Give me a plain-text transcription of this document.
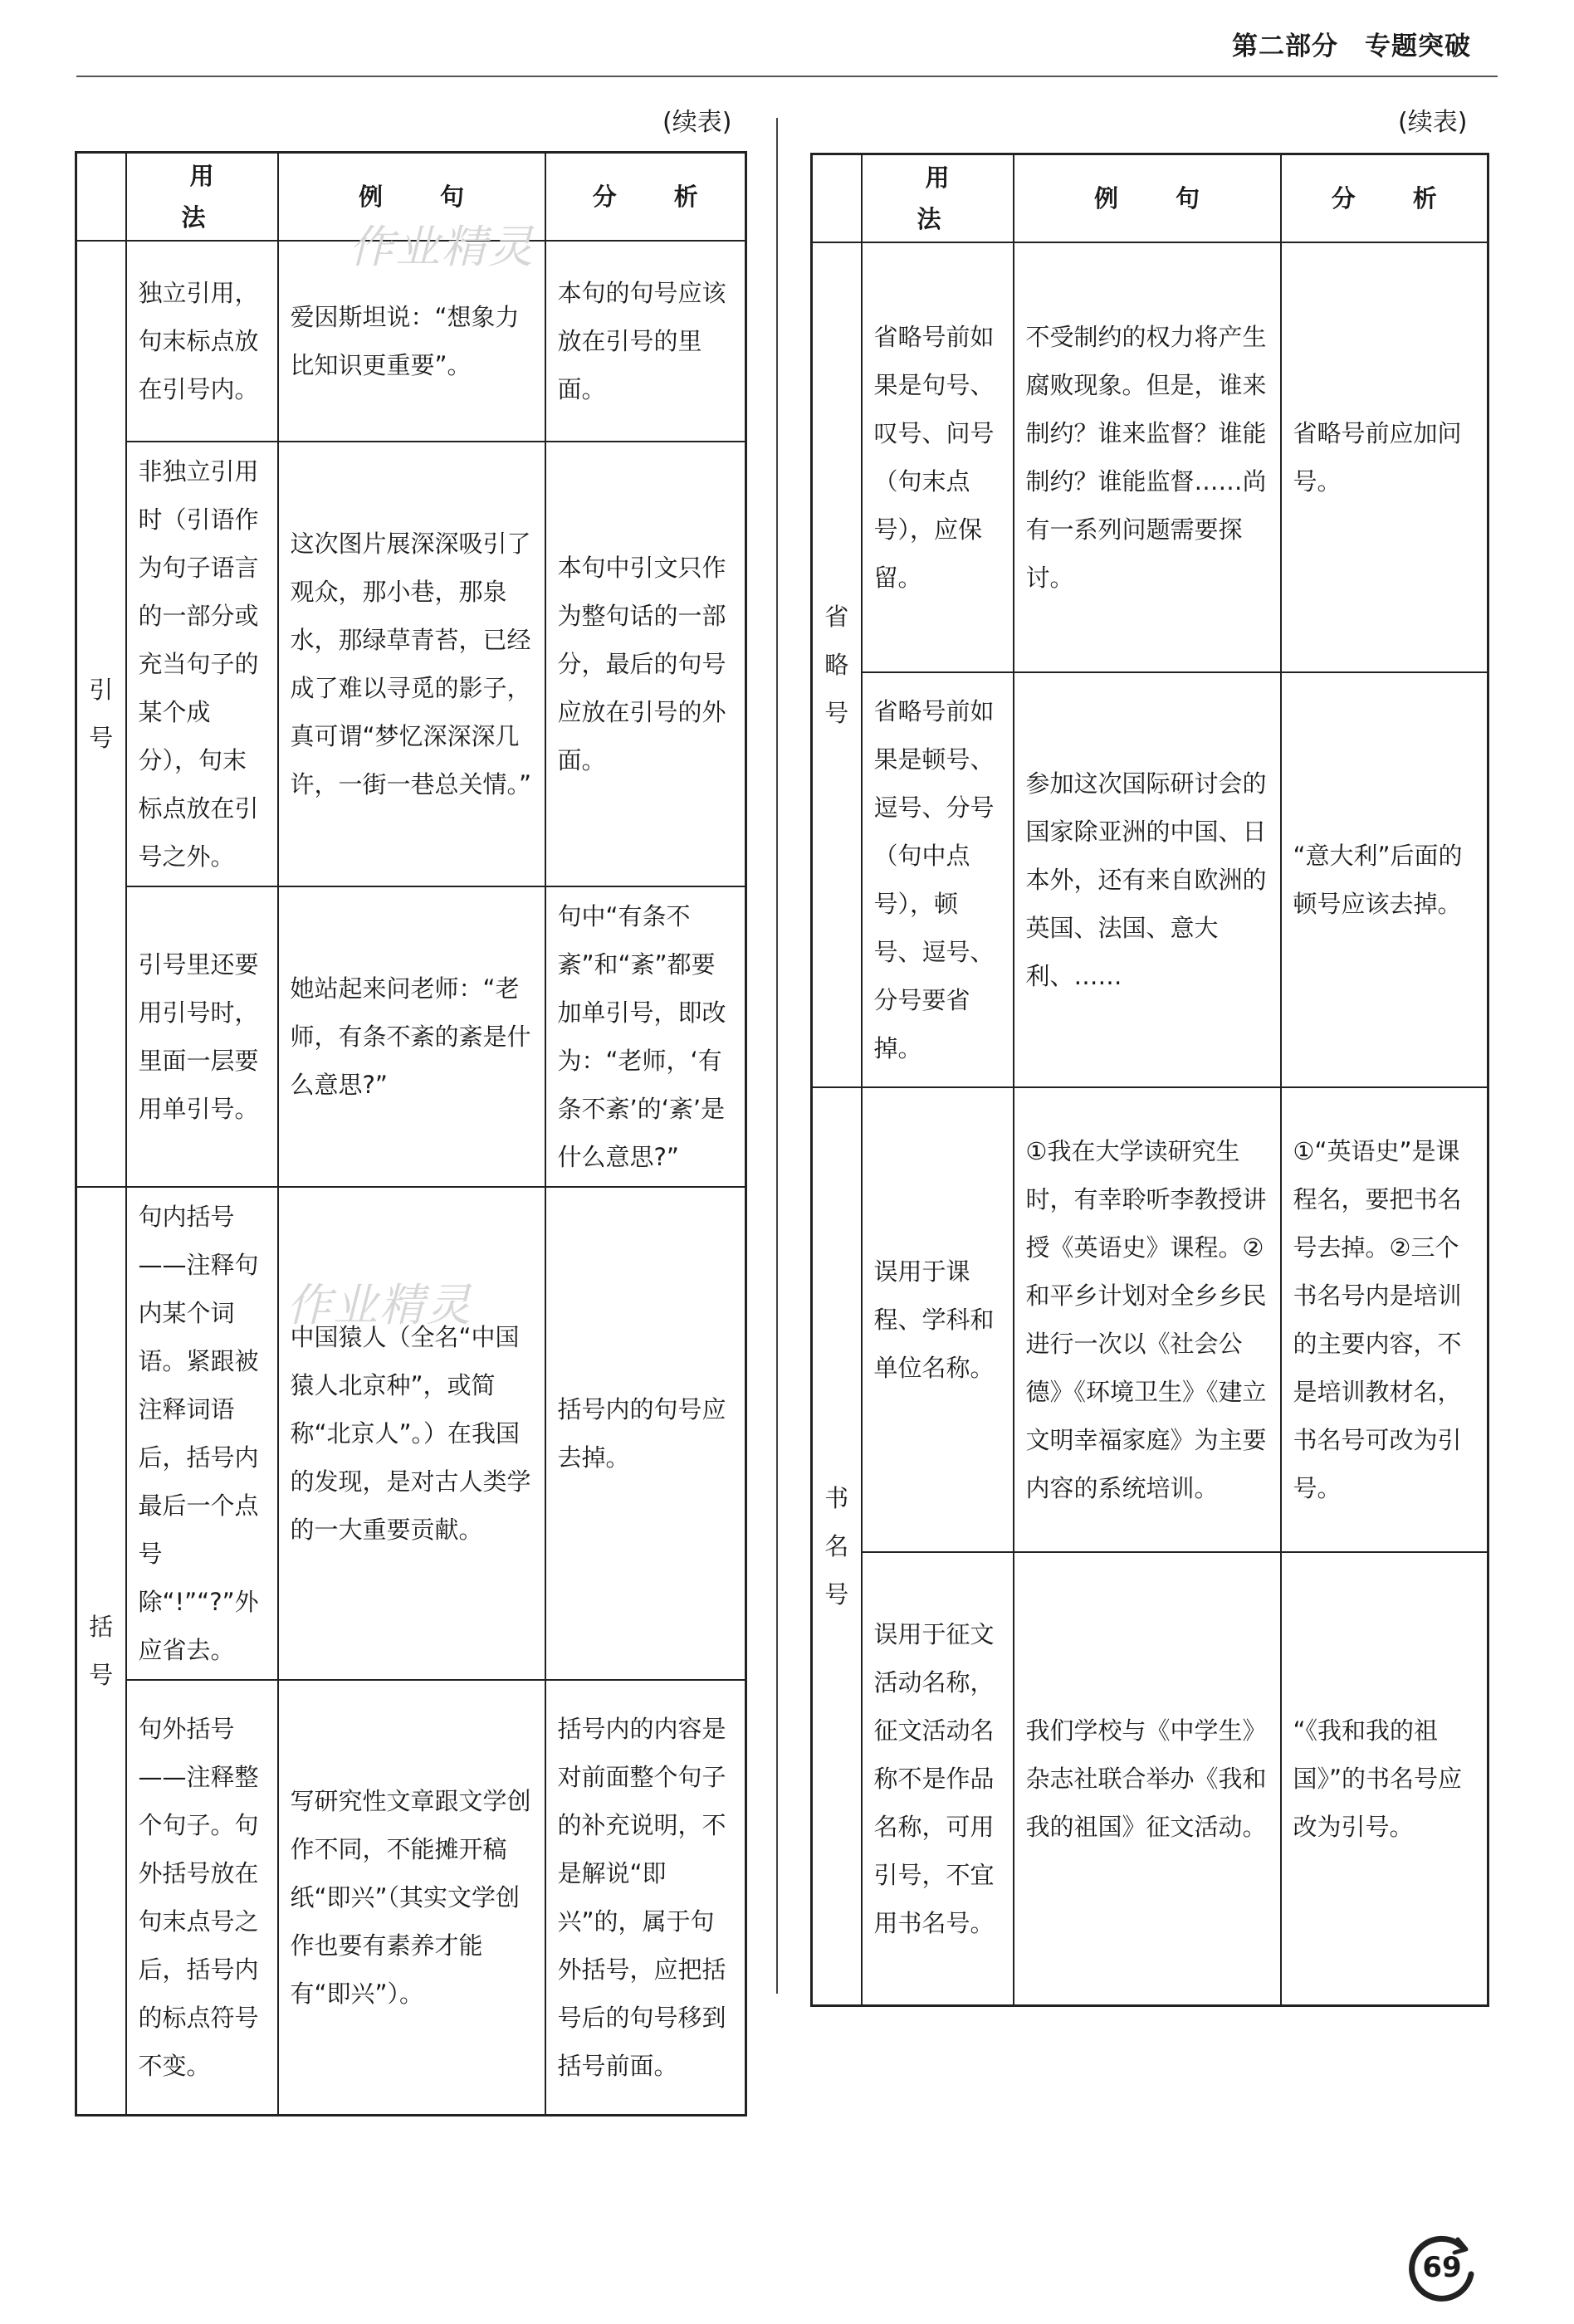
第二部分　专题突破
(续表)	(续表)
	用　法	例　句	分　析

引
号	独立引用，句末标点放在引号内。	爱因斯坦说：“想象力比知识更重要”。	本句的句号应该放在引号的里面。
	非独立引用时（引语作为句子语言的一部分或充当句子的某个成分），句末标点放在引号之外。	这次图片展深深吸引了观众，那小巷，那泉水，那绿草青苔，已经成了难以寻觅的影子，真可谓“梦忆深深深几许，一街一巷总关情。”	本句中引文只作为整句话的一部分，最后的句号应放在引号的外面。
	引号里还要用引号时，里面一层要用单引号。	她站起来问老师：“老师，有条不紊的紊是什么意思?”	句中“有条不紊”和“紊”都要加单引号，即改为：“老师，‘有条不紊’的‘紊’是什么意思?”

括
号	句内括号——注释句内某个词语。紧跟被注释词语后，括号内最后一个点号除“!”“?”外应省去。	中国猿人（全名“中国猿人北京种”，或简称“北京人”。）在我国的发现，是对古人类学的一大重要贡献。	括号内的句号应去掉。
	句外括号——注释整个句子。句外括号放在句末点号之后，括号内的标点符号不变。	写研究性文章跟文学创作不同，不能摊开稿纸“即兴”（其实文学创作也要有素养才能有“即兴”）。	括号内的内容是对前面整个句子的补充说明，不是解说“即兴”的，属于句外括号，应把括号后的句号移到括号前面。
	用　法	例　句	分　析

省
略
号	省略号前如果是句号、叹号、问号（句末点号），应保留。	不受制约的权力将产生腐败现象。但是，谁来制约？谁来监督？谁能制约？谁能监督……尚有一系列问题需要探讨。	省略号前应加问号。
	省略号前如果是顿号、逗号、分号（句中点号），顿号、逗号、分号要省掉。	参加这次国际研讨会的国家除亚洲的中国、日本外，还有来自欧洲的英国、法国、意大利、……	“意大利”后面的顿号应该去掉。

书
名
号	误用于课程、学科和单位名称。	①我在大学读研究生时，有幸聆听李教授讲授《英语史》课程。②和平乡计划对全乡乡民进行一次以《社会公德》《环境卫生》《建立文明幸福家庭》为主要内容的系统培训。	①“英语史”是课程名，要把书名号去掉。②三个书名号内是培训的主要内容，不是培训教材名，书名号可改为引号。
	误用于征文活动名称，征文活动名称不是作品名称，可用引号，不宜用书名号。	我们学校与《中学生》杂志社联合举办《我和我的祖国》征文活动。	“《我和我的祖国》”的书名号应改为引号。
作业精灵
作业精灵
69
